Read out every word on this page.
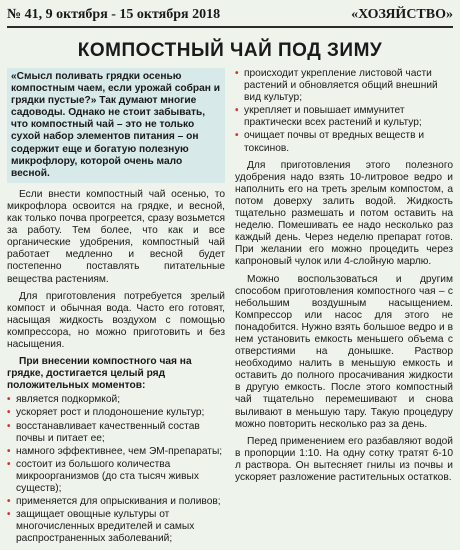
№ 41, 9 октября - 15 октября 2018	«ХОЗЯЙСТВО»
КОМПОСТНЫЙ ЧАЙ ПОД ЗИМУ
«Смысл поливать грядки осенью компостным чаем, если урожай собран и грядки пустые?» Так думают многие садоводы. Однако не стоит забывать, что компостный чай – это не только сухой набор элементов питания – он содержит еще и богатую полезную микрофлору, которой очень мало весной.

Если внести компостный чай осенью, то микрофлора освоится на грядке, и весной, как только почва прогреется, сразу возьмется за работу. Тем более, что как и все органические удобрения, компостный чай работает медленно и весной будет постепенно поставлять питательные вещества растениям.

Для приготовления потребуется зрелый компост и обычная вода. Часто его готовят, насыщая жидкость воздухом с помощью компрессора, но можно приготовить и без насыщения.

При внесении компостного чая на грядке, достигается целый ряд положительных моментов:
• является подкормкой;
• ускоряет рост и плодоношение культур;
• восстанавливает качественный состав почвы и питает ее;
• намного эффективнее, чем ЭМ-препараты;
• состоит из большого количества микроорганизмов (до ста тысяч живых существ);
• применяется для опрыскивания и поливов;
• защищает овощные культуры от многочисленных вредителей и самых распространенных заболеваний;
• происходит укрепление листовой части растений и обновляется общий внешний вид культур;
• укрепляет и повышает иммунитет практически всех растений и культур;
• очищает почвы от вредных веществ и токсинов.

Для приготовления этого полезного удобрения надо взять 10-литровое ведро и наполнить его на треть зрелым компостом, а потом доверху залить водой. Жидкость тщательно размешать и потом оставить на неделю. Помешивать ее надо несколько раз каждый день. Через неделю препарат готов. При желании его можно процедить через капроновый чулок или 4-слойную марлю.

Можно воспользоваться и другим способом приготовления компостного чая – с небольшим воздушным насыщением. Компрессор или насос для этого не понадобится. Нужно взять большое ведро и в нем установить емкость меньшего объема с отверстиями на донышке. Раствор необходимо налить в меньшую емкость и оставить до полного просачивания жидкости в другую емкость. После этого компостный чай тщательно перемешивают и снова выливают в меньшую тару. Такую процедуру можно повторить несколько раз за день.

Перед применением его разбавляют водой в пропорции 1:10. На одну сотку тратят 6-10 л раствора. Он вытесняет гнилы из почвы и ускоряет разложение растительных остатков.
